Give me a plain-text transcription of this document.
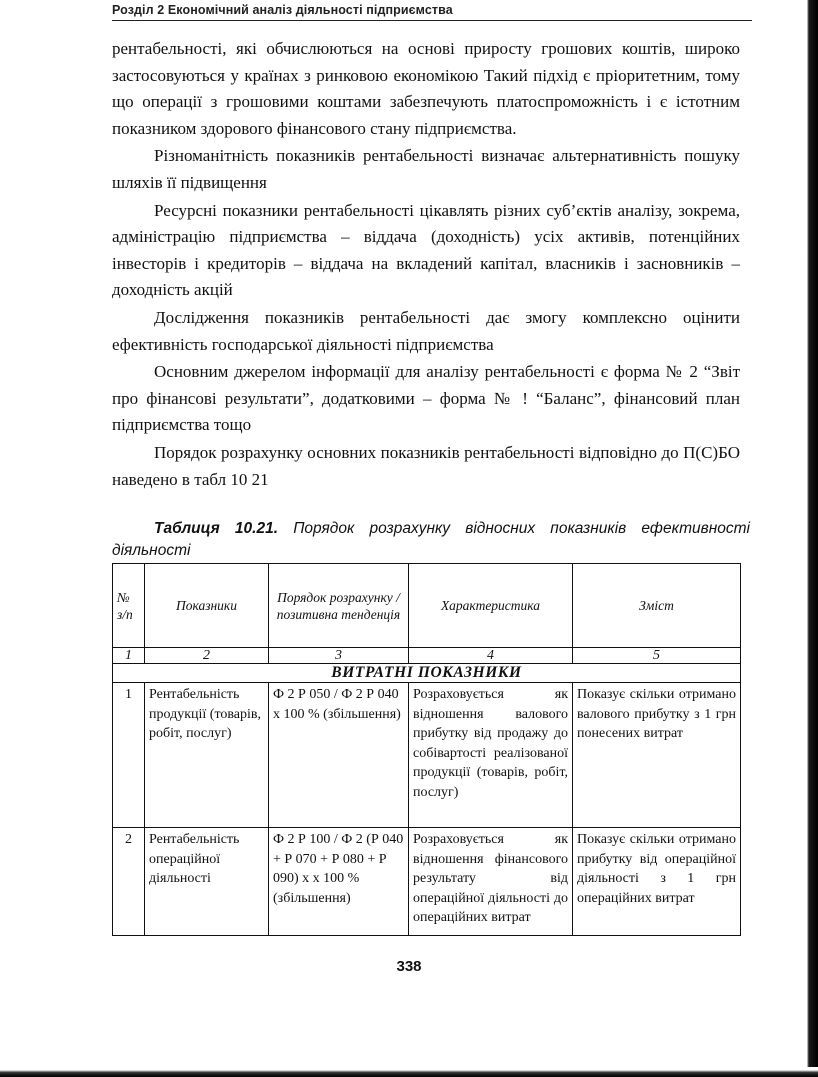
Розділ 2 Економічний аналіз діяльності підприємства

рентабельності, які обчислюються на основі приросту грошових коштів, широко застосовуються у країнах з ринковою економікою Такий підхід є пріоритетним, тому що операції з грошовими коштами забезпечують платоспроможність і є істотним показником здорового фінансового стану підприємства.

Різноманітність показників рентабельності визначає альтернативність пошуку шляхів її підвищення

Ресурсні показники рентабельності цікавлять різних суб’єктів аналізу, зокрема, адміністрацію підприємства – віддача (доходність) усіх активів, потенційних інвесторів і кредиторів – віддача на вкладений капітал, власників і засновників – доходність акцій

Дослідження показників рентабельності дає змогу комплексно оцінити ефективність господарської діяльності підприємства

Основним джерелом інформації для аналізу рентабельності є форма № 2 “Звіт про фінансові результати”, додатковими – форма № ! “Баланс”, фінансовий план підприємства тощо

Порядок розрахунку основних показників рентабельності відповідно до П(С)БО наведено в табл 10 21

Таблиця 10.21. Порядок розрахунку відносних показників ефективності діяльності
№ з/п	Показники	Порядок розрахунку / позитивна тенденція	Характеристика	Зміст
1	2	3	4	5
ВИТРАТНІ ПОКАЗНИКИ				
1	Рентабельність продукції (товарів, робіт, послуг)	Ф 2 Р 050 / Ф 2 Р 040 x 100 % (збільшення)	Розраховується як відношення валового прибутку від продажу до собівартості реалізованої продукції (товарів, робіт, послуг)	Показує скільки отримано валового прибутку з 1 грн понесених витрат
2	Рентабельність операційної діяльності	Ф 2 Р 100 / Ф 2 (Р 040 + Р 070 + Р 080 + Р 090) x x 100 % (збільшення)	Розраховується як відношення фінансового результату від операційної діяльності до операційних витрат	Показує скільки отримано прибутку від операційної діяльності з 1 грн операційних витрат
338
